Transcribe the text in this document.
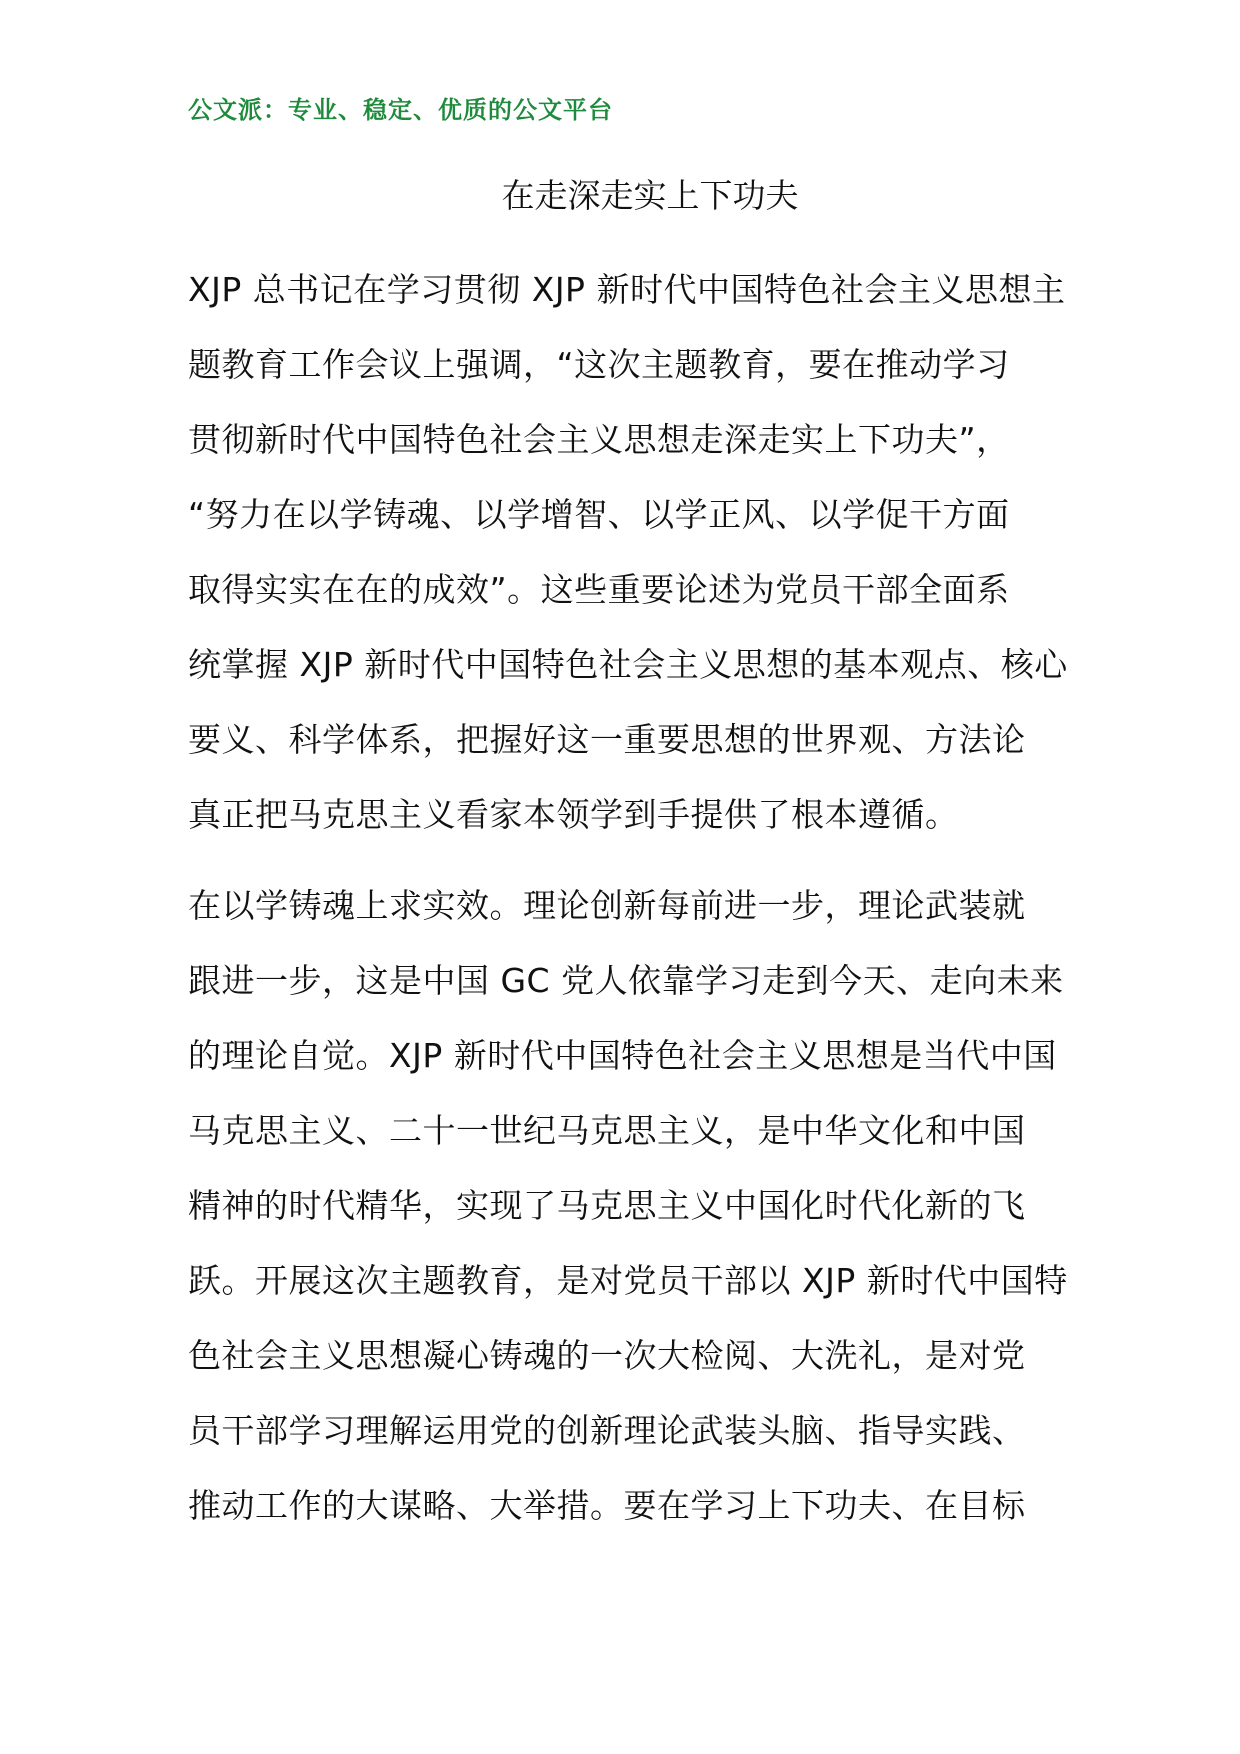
公文派：专业、稳定、优质的公文平台
在走深走实上下功夫
XJP 总书记在学习贯彻 XJP 新时代中国特色社会主义思想主
题教育工作会议上强调，“这次主题教育，要在推动学习
贯彻新时代中国特色社会主义思想走深走实上下功夫”，
“努力在以学铸魂、以学增智、以学正风、以学促干方面
取得实实在在的成效”。这些重要论述为党员干部全面系
统掌握 XJP 新时代中国特色社会主义思想的基本观点、核心
要义、科学体系，把握好这一重要思想的世界观、方法论
真正把马克思主义看家本领学到手提供了根本遵循。
在以学铸魂上求实效。理论创新每前进一步，理论武装就
跟进一步，这是中国 GC 党人依靠学习走到今天、走向未来
的理论自觉。XJP 新时代中国特色社会主义思想是当代中国
马克思主义、二十一世纪马克思主义，是中华文化和中国
精神的时代精华，实现了马克思主义中国化时代化新的飞
跃。开展这次主题教育，是对党员干部以 XJP 新时代中国特
色社会主义思想凝心铸魂的一次大检阅、大洗礼，是对党
员干部学习理解运用党的创新理论武装头脑、指导实践、
推动工作的大谋略、大举措。要在学习上下功夫、在目标
